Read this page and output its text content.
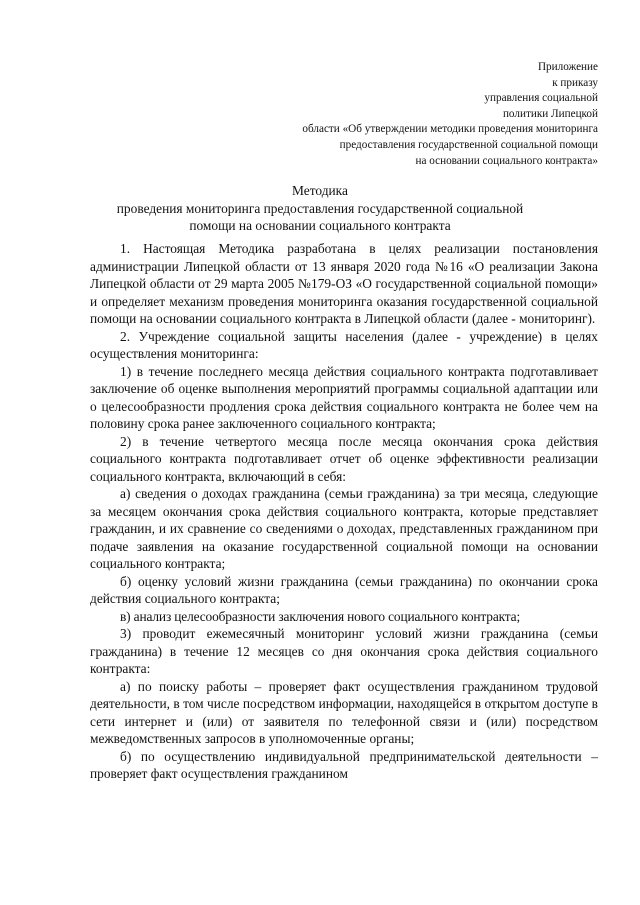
Приложение
к приказу
управления социальной
политики Липецкой
области «Об утверждении методики проведения мониторинга
предоставления государственной социальной помощи
на основании социального контракта»
Методика
проведения мониторинга предоставления государственной социальной
помощи на основании социального контракта

1. Настоящая Методика разработана в целях реализации постановления администрации Липецкой области от 13 января 2020 года №16 «О реализации Закона Липецкой области от 29 марта 2005 №179-ОЗ «О государственной социальной помощи» и определяет механизм проведения мониторинга оказания государственной социальной помощи на основании социального контракта в Липецкой области (далее - мониторинг).

2. Учреждение социальной защиты населения (далее - учреждение) в целях осуществления мониторинга:

1) в течение последнего месяца действия социального контракта подготавливает заключение об оценке выполнения мероприятий программы социальной адаптации или о целесообразности продления срока действия социального контракта не более чем на половину срока ранее заключенного социального контракта;

2) в течение четвертого месяца после месяца окончания срока действия социального контракта подготавливает отчет об оценке эффективности реализации социального контракта, включающий в себя:

а) сведения о доходах гражданина (семьи гражданина) за три месяца, следующие за месяцем окончания срока действия социального контракта, которые представляет гражданин, и их сравнение со сведениями о доходах, представленных гражданином при подаче заявления на оказание государственной социальной помощи на основании социального контракта;

б) оценку условий жизни гражданина (семьи гражданина) по окончании срока действия социального контракта;

в) анализ целесообразности заключения нового социального контракта;

3) проводит ежемесячный мониторинг условий жизни гражданина (семьи гражданина) в течение 12 месяцев со дня окончания срока действия социального контракта:

а) по поиску работы – проверяет факт осуществления гражданином трудовой деятельности, в том числе посредством информации, находящейся в открытом доступе в сети интернет и (или) от заявителя по телефонной связи и (или) посредством межведомственных запросов в уполномоченные органы;

б) по осуществлению индивидуальной предпринимательской деятельности – проверяет факт осуществления гражданином
